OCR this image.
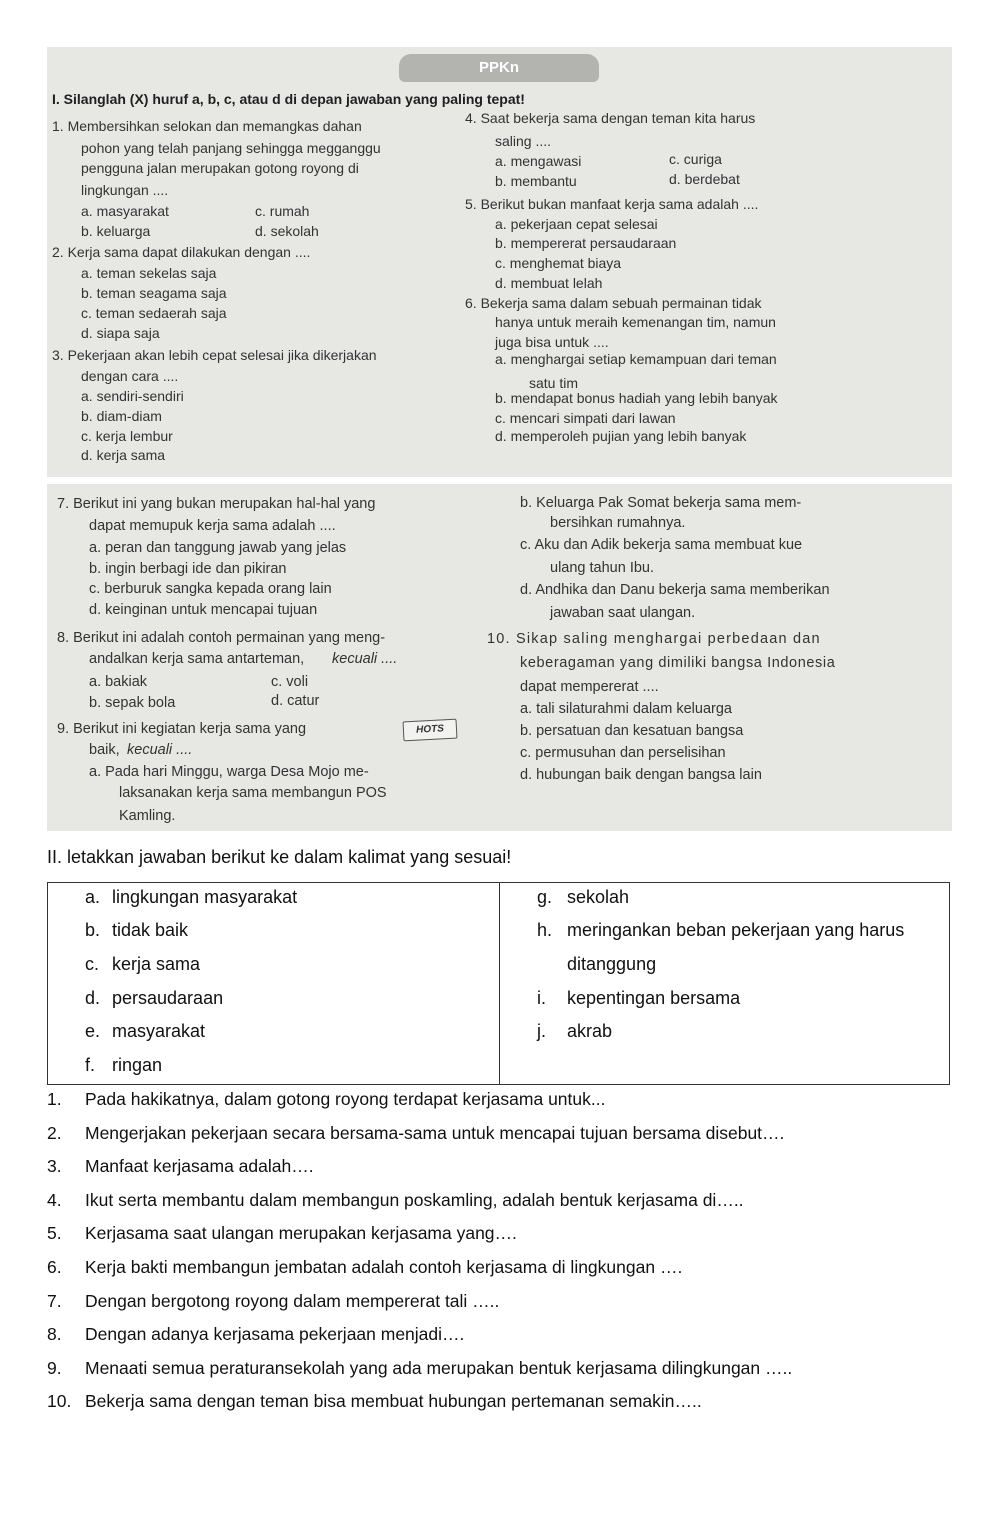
PPKn
I. Silanglah (X) huruf a, b, c, atau d di depan jawaban yang paling tepat!
1. Membersihkan selokan dan memangkas dahan
pohon yang telah panjang sehingga megganggu
pengguna jalan merupakan gotong royong di
lingkungan ....
a. masyarakat	c. rumah
b. keluarga	d. sekolah
2. Kerja sama dapat dilakukan dengan ....
a. teman sekelas saja
b. teman seagama saja
c. teman sedaerah saja
d. siapa saja
3. Pekerjaan akan lebih cepat selesai jika dikerjakan
dengan cara ....
a. sendiri-sendiri
b. diam-diam
c. kerja lembur
d. kerja sama
4. Saat bekerja sama dengan teman kita harus
saling ....
a. mengawasi	c. curiga
b. membantu	d. berdebat
5. Berikut bukan manfaat kerja sama adalah ....
a. pekerjaan cepat selesai
b. mempererat persaudaraan
c. menghemat biaya
d. membuat lelah
6. Bekerja sama dalam sebuah permainan tidak
hanya untuk meraih kemenangan tim, namun
juga bisa untuk ....
a. menghargai setiap kemampuan dari teman
satu tim
b. mendapat bonus hadiah yang lebih banyak
c. mencari simpati dari lawan
d. memperoleh pujian yang lebih banyak
7. Berikut ini yang bukan merupakan hal-hal yang
dapat memupuk kerja sama adalah ....
a. peran dan tanggung jawab yang jelas
b. ingin berbagi ide dan pikiran
c. berburuk sangka kepada orang lain
d. keinginan untuk mencapai tujuan
8. Berikut ini adalah contoh permainan yang meng-
andalkan kerja sama antarteman, kecuali ....
a. bakiak	c. voli
b. sepak bola	d. catur
9. Berikut ini kegiatan kerja sama yang	HOTS
baik, kecuali ....
a. Pada hari Minggu, warga Desa Mojo me-
laksanakan kerja sama membangun POS
Kamling.
b. Keluarga Pak Somat bekerja sama mem-
bersihkan rumahnya.
c. Aku dan Adik bekerja sama membuat kue
ulang tahun Ibu.
d. Andhika dan Danu bekerja sama memberikan
jawaban saat ulangan.
10. Sikap saling menghargai perbedaan dan
keberagaman yang dimiliki bangsa Indonesia
dapat mempererat ....
a. tali silaturahmi dalam keluarga
b. persatuan dan kesatuan bangsa
c. permusuhan dan perselisihan
d. hubungan baik dengan bangsa lain
II. letakkan jawaban berikut ke dalam kalimat yang sesuai!
a. lingkungan masyarakat
b. tidak baik
c. kerja sama
d. persaudaraan
e. masyarakat
f. ringan
g. sekolah
h. meringankan beban pekerjaan yang harus
ditanggung
i. kepentingan bersama
j. akrab
1. Pada hakikatnya, dalam gotong royong terdapat kerjasama untuk...
2. Mengerjakan pekerjaan secara bersama-sama untuk mencapai tujuan bersama disebut….
3. Manfaat kerjasama adalah….
4. Ikut serta membantu dalam membangun poskamling, adalah bentuk kerjasama di…..
5. Kerjasama saat ulangan merupakan kerjasama yang….
6. Kerja bakti membangun jembatan adalah contoh kerjasama di lingkungan ….
7. Dengan bergotong royong dalam mempererat tali …..
8. Dengan adanya kerjasama pekerjaan menjadi….
9. Menaati semua peraturansekolah yang ada merupakan bentuk kerjasama dilingkungan …..
10. Bekerja sama dengan teman bisa membuat hubungan pertemanan semakin…..
